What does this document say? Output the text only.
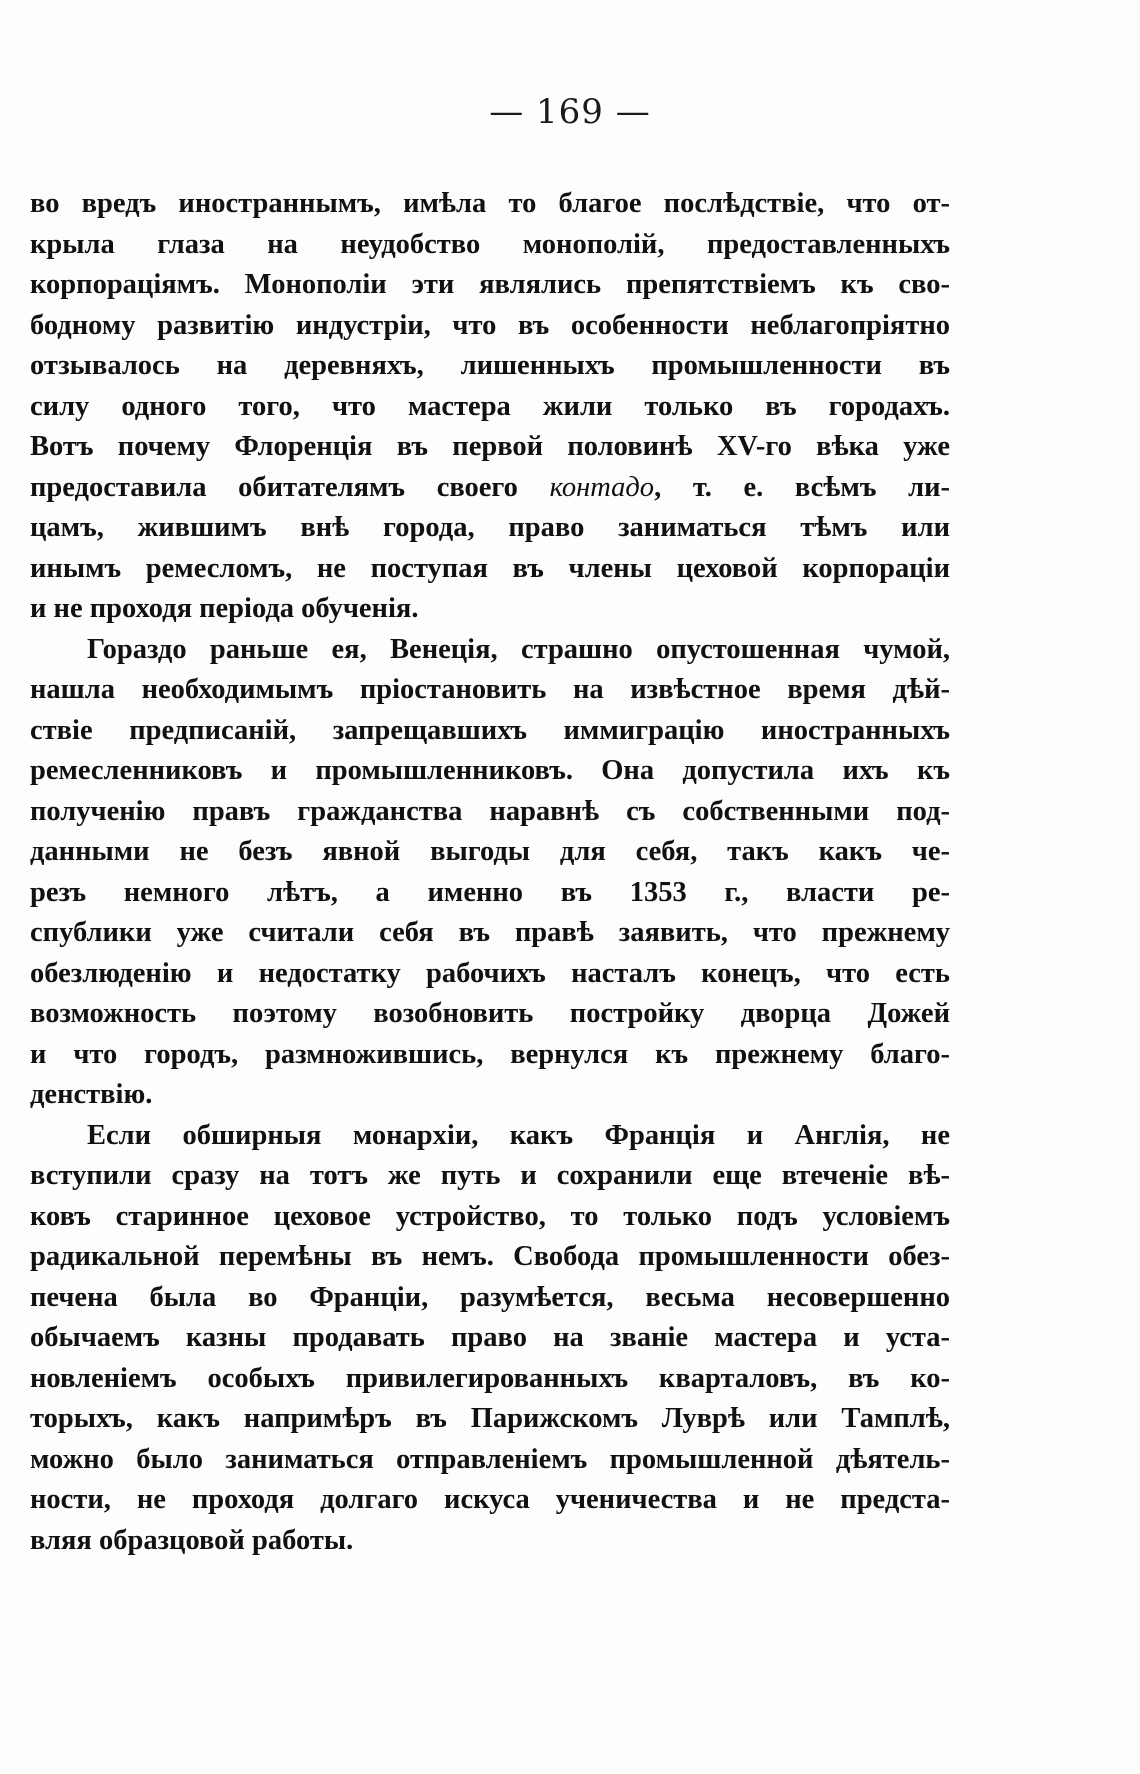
— 169 —
во вредъ иностраннымъ, имѣла то благое послѣдствіе, что от-
крыла глаза на неудобство монополій, предоставленныхъ
корпораціямъ. Монополіи эти являлись препятствіемъ къ сво-
бодному развитію индустріи, что въ особенности неблагопріятно
отзывалось на деревняхъ, лишенныхъ промышленности въ
силу одного того, что мастера жили только въ городахъ.
Вотъ почему Флоренція въ первой половинѣ XV-го вѣка уже
предоставила обитателямъ своего контадо, т. е. всѣмъ ли-
цамъ, жившимъ внѣ города, право заниматься тѣмъ или
инымъ ремесломъ, не поступая въ члены цеховой корпораціи
и не проходя періода обученія.
Гораздо раньше ея, Венеція, страшно опустошенная чумой,
нашла необходимымъ пріостановить на извѣстное время дѣй-
ствіе предписаній, запрещавшихъ иммиграцію иностранныхъ
ремесленниковъ и промышленниковъ. Она допустила ихъ къ
полученію правъ гражданства наравнѣ съ собственными под-
данными не безъ явной выгоды для себя, такъ какъ че-
резъ немного лѣтъ, а именно въ 1353 г., власти ре-
спублики уже считали себя въ правѣ заявить, что прежнему
обезлюденію и недостатку рабочихъ насталъ конецъ, что есть
возможность поэтому возобновить постройку дворца Дожей
и что городъ, размножившись, вернулся къ прежнему благо-
денствію.
Если обширныя монархіи, какъ Франція и Англія, не
вступили сразу на тотъ же путь и сохранили еще втеченіе вѣ-
ковъ старинное цеховое устройство, то только подъ условіемъ
радикальной перемѣны въ немъ. Свобода промышленности обез-
печена была во Франціи, разумѣется, весьма несовершенно
обычаемъ казны продавать право на званіе мастера и уста-
новленіемъ особыхъ привилегированныхъ кварталовъ, въ ко-
торыхъ, какъ напримѣръ въ Парижскомъ Луврѣ или Тамплѣ,
можно было заниматься отправленіемъ промышленной дѣятель-
ности, не проходя долгаго искуса ученичества и не предста-
вляя образцовой работы.
